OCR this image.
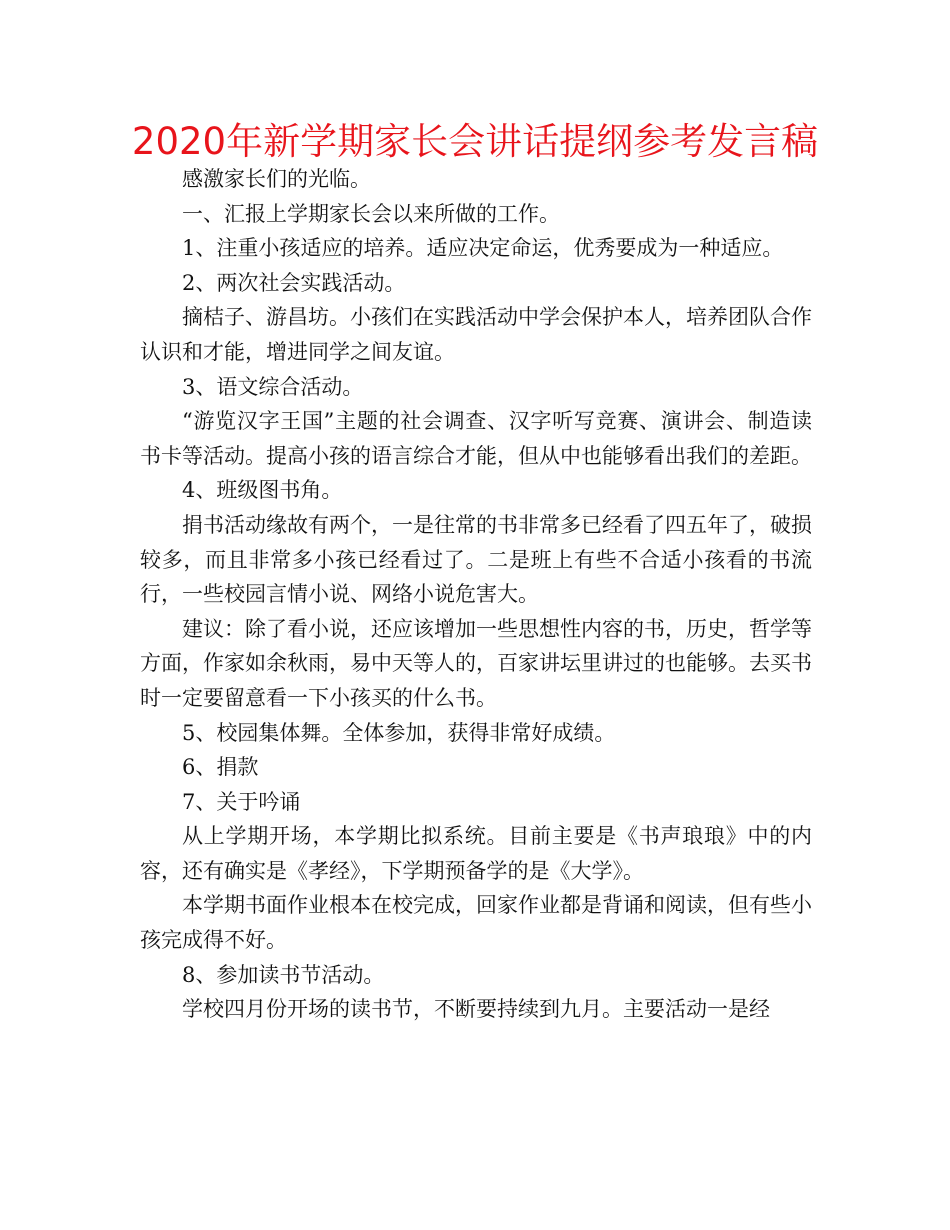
2020年新学期家长会讲话提纲参考发言稿

感激家长们的光临。

一、汇报上学期家长会以来所做的工作。

1、注重小孩适应的培养。适应决定命运，优秀要成为一种适应。

2、两次社会实践活动。

摘桔子、游昌坊。小孩们在实践活动中学会保护本人，培养团队合作认识和才能，增进同学之间友谊。

3、语文综合活动。

“游览汉字王国”主题的社会调查、汉字听写竞赛、演讲会、制造读书卡等活动。提高小孩的语言综合才能，但从中也能够看出我们的差距。

4、班级图书角。

捐书活动缘故有两个，一是往常的书非常多已经看了四五年了，破损较多，而且非常多小孩已经看过了。二是班上有些不合适小孩看的书流行，一些校园言情小说、网络小说危害大。

建议：除了看小说，还应该增加一些思想性内容的书，历史，哲学等方面，作家如余秋雨，易中天等人的，百家讲坛里讲过的也能够。去买书时一定要留意看一下小孩买的什么书。

5、校园集体舞。全体参加，获得非常好成绩。

6、捐款

7、关于吟诵

从上学期开场，本学期比拟系统。目前主要是《书声琅琅》中的内容，还有确实是《孝经》，下学期预备学的是《大学》。

本学期书面作业根本在校完成，回家作业都是背诵和阅读，但有些小孩完成得不好。

8、参加读书节活动。

学校四月份开场的读书节，不断要持续到九月。主要活动一是经
